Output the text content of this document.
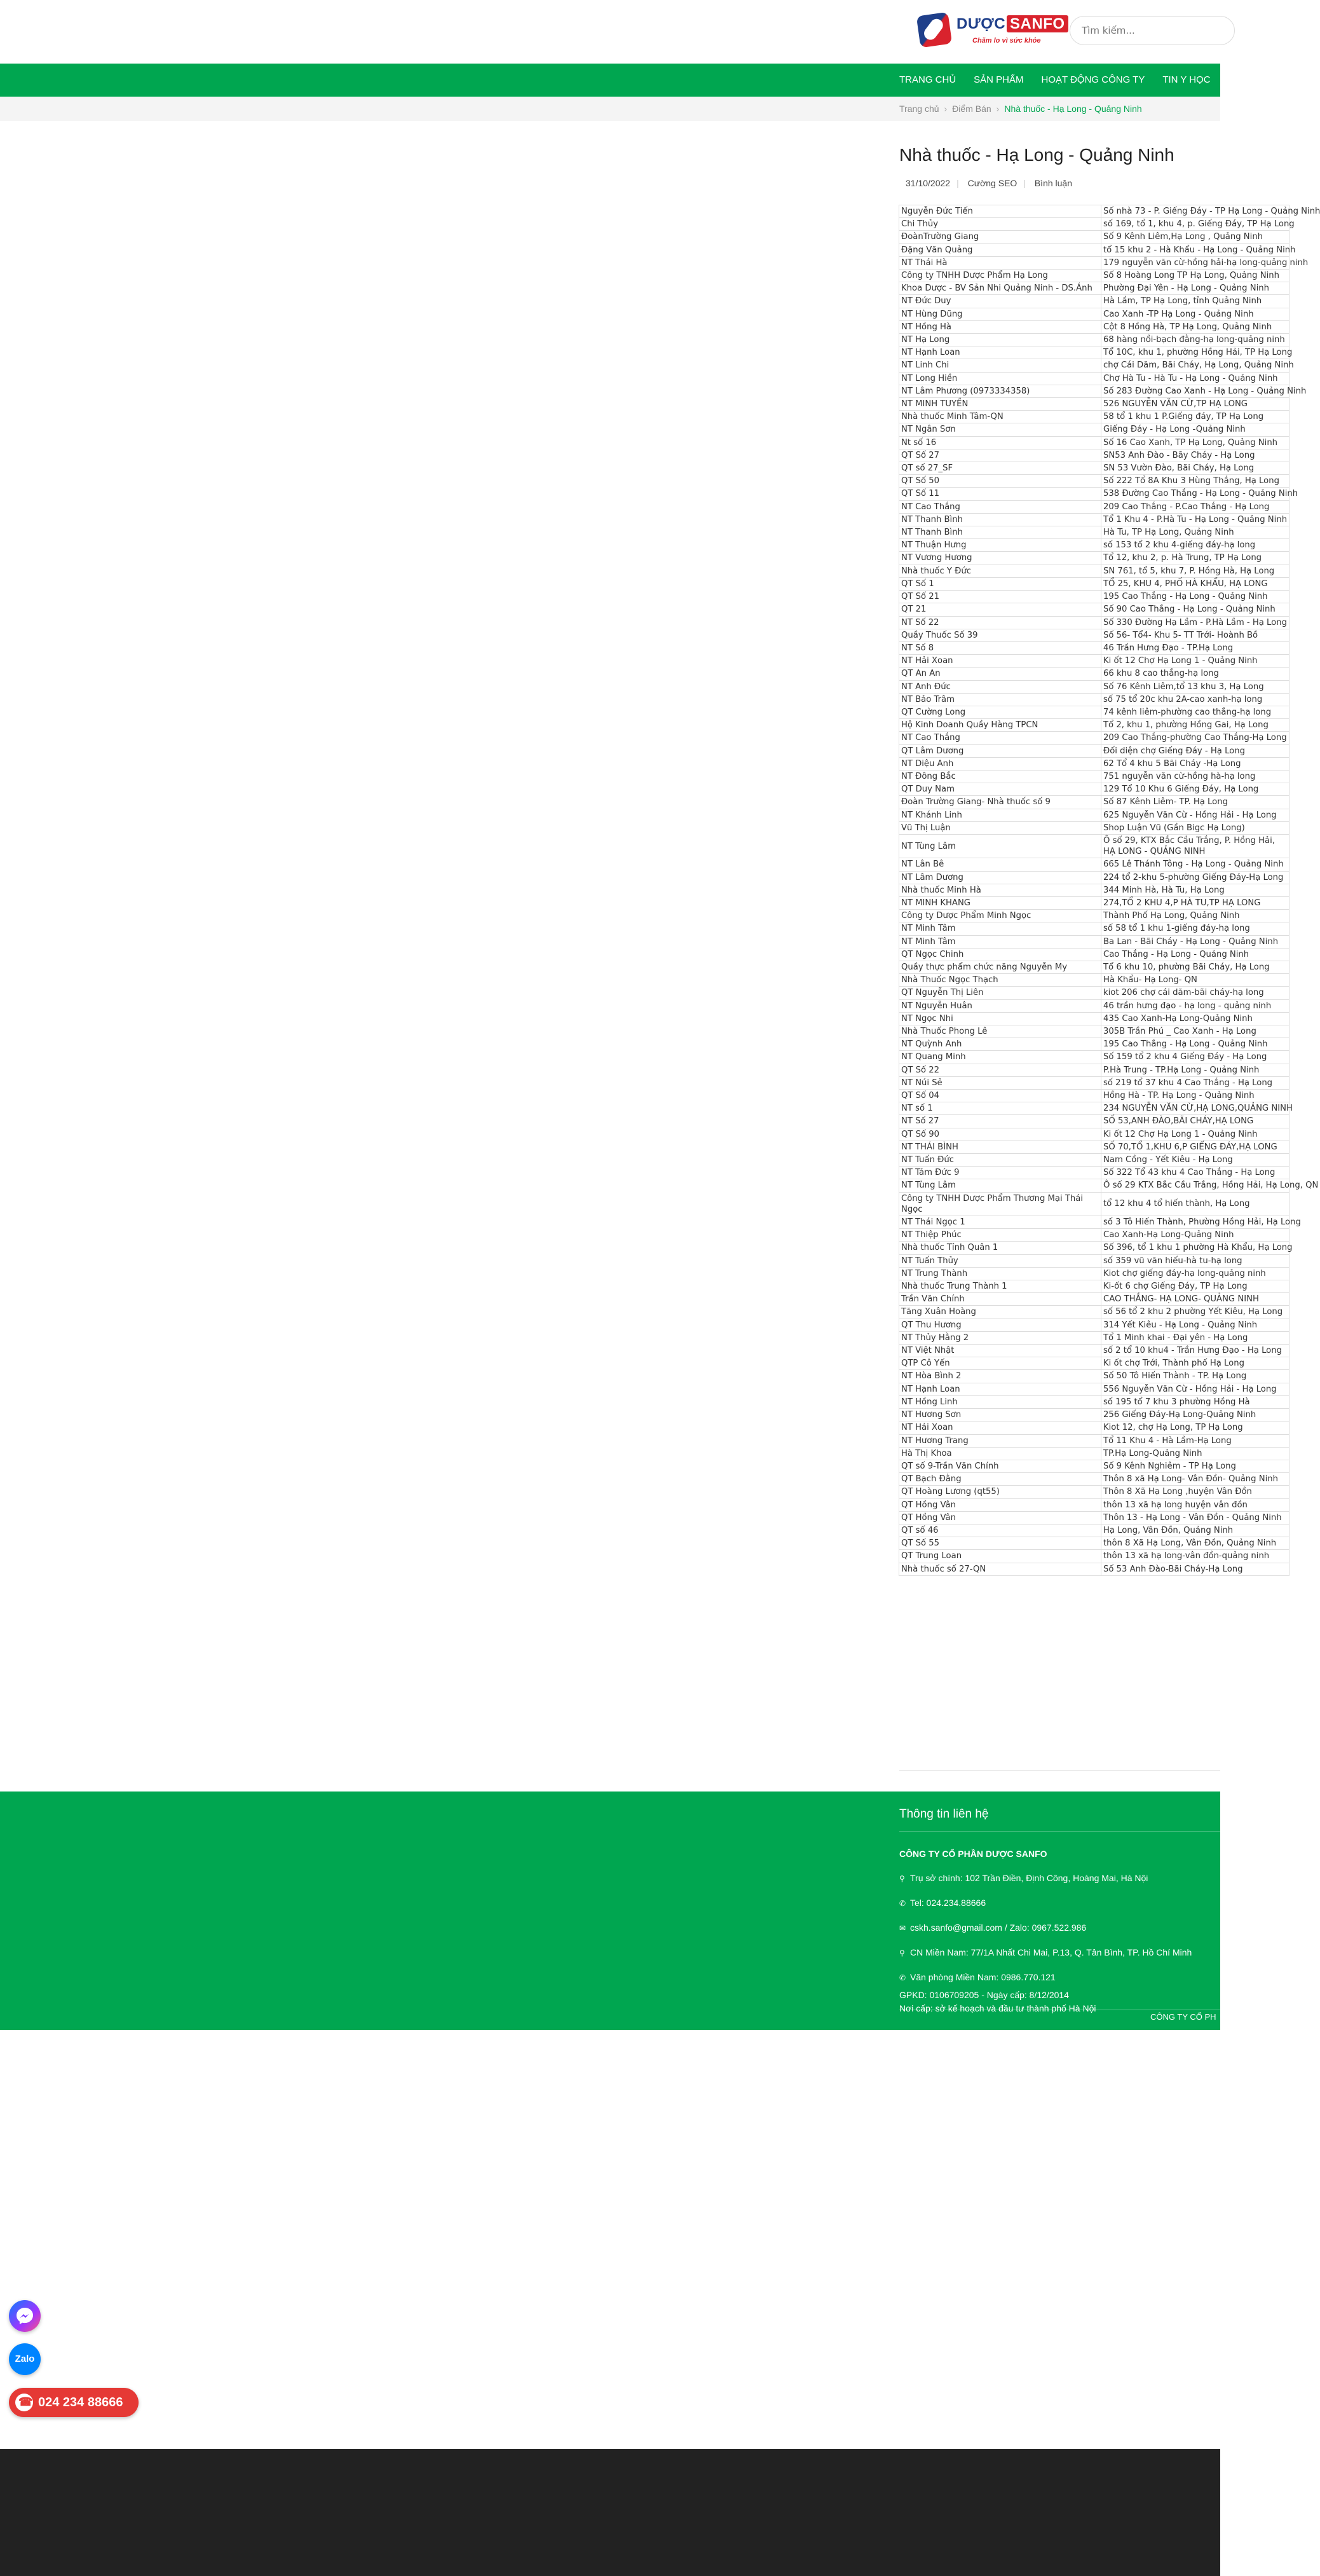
DƯỢC SANFO
Chăm lo vì sức khỏe
Tìm kiếm...
TRANG CHỦ SẢN PHẨM HOẠT ĐỘNG CÔNG TY TIN Y HỌC
Trang chủ › Điểm Bán › Nhà thuốc - Hạ Long - Quảng Ninh
Nhà thuốc - Hạ Long - Quảng Ninh
31/10/2022 | Cường SEO | Bình luận
Nguyễn Đức Tiến	Số nhà 73 - P. Giếng Đáy - TP Hạ Long - Quảng Ninh
Chi Thủy	số 169, tổ 1, khu 4, p. Giếng Đáy, TP Hạ Long
ĐoànTrường Giang	Số 9 Kênh Liêm,Hạ Long , Quảng Ninh
Đặng Văn Quảng	tổ 15 khu 2 - Hà Khẩu - Hạ Long - Quảng Ninh
NT Thái Hà	179 nguyễn văn cừ-hồng hải-hạ long-quảng ninh
Công ty TNHH Dược Phẩm Hạ Long	Số 8 Hoàng Long TP Hạ Long, Quảng Ninh
Khoa Dược - BV Sản Nhi Quảng Ninh - DS.Ánh	Phường Đại Yên - Hạ Long - Quảng Ninh
NT Đức Duy	Hà Lầm, TP Hạ Long, tỉnh Quảng Ninh
NT Hùng Dũng	Cao Xanh -TP Hạ Long - Quảng Ninh
NT Hồng Hà	Cột 8 Hồng Hà, TP Hạ Long, Quảng Ninh
NT Hạ Long	68 hàng nồi-bạch đằng-hạ long-quảng ninh
NT Hạnh Loan	Tổ 10C, khu 1, phường Hồng Hải, TP Hạ Long
NT Linh Chi	chợ Cái Dăm, Bãi Cháy, Hạ Long, Quảng Ninh
NT Long Hiền	Chợ Hà Tu - Hà Tu - Hạ Long - Quảng Ninh
NT Lâm Phương (0973334358)	Số 283 Đường Cao Xanh - Hạ Long - Quảng Ninh
NT MINH TUYỀN	526 NGUYỄN VĂN CỪ,TP HẠ LONG
Nhà thuốc Minh Tâm-QN	58 tổ 1 khu 1 P.Giếng đáy, TP Hạ Long
NT Ngân Sơn	Giếng Đáy - Hạ Long -Quảng Ninh
Nt số 16	Số 16 Cao Xanh, TP Hạ Long, Quảng Ninh
QT Số 27	SN53 Anh Đào - Bãy Cháy - Hạ Long
QT số 27_SF	SN 53 Vườn Đào, Bãi Cháy, Hạ Long
QT Số 50	Số 222 Tổ 8A Khu 3 Hùng Thắng, Hạ Long
QT Số 11	538 Đường Cao Thắng - Hạ Long - Quảng Ninh
NT Cao Thắng	209 Cao Thắng - P.Cao Thắng - Hạ Long
NT Thanh Bình	Tổ 1 Khu 4 - P.Hà Tu - Hạ Long - Quảng Ninh
NT Thanh Bình	Hà Tu, TP Hạ Long, Quảng Ninh
NT Thuận Hưng	số 153 tổ 2 khu 4-giếng đáy-hạ long
NT Vương Hương	Tổ 12, khu 2, p. Hà Trung, TP Hạ Long
Nhà thuốc Y Đức	SN 761, tổ 5, khu 7, P. Hồng Hà, Hạ Long
QT Số 1	TỔ 25, KHU 4, PHỐ HÀ KHẨU, HẠ LONG
QT Số 21	195 Cao Thắng - Hạ Long - Quảng Ninh
QT 21	Số 90 Cao Thắng - Hạ Long - Quảng Ninh
NT Số 22	Số 330 Đường Hạ Lầm - P.Hà Lầm - Hạ Long
Quầy Thuốc Số 39	Số 56- Tổ4- Khu 5- TT Trới- Hoành Bồ
NT Số 8	46 Trần Hưng Đạo - TP.Hạ Long
NT Hải Xoan	Ki ốt 12 Chợ Hạ Long 1 - Quảng Ninh
QT An An	66 khu 8 cao thắng-hạ long
NT Anh Đức	Số 76 Kênh Liêm,tổ 13 khu 3, Hạ Long
NT Bảo Trâm	số 75 tổ 20c khu 2A-cao xanh-hạ long
QT Cường Long	74 kênh liêm-phường cao thắng-hạ long
Hộ Kinh Doanh Quầy Hàng TPCN	Tổ 2, khu 1, phường Hồng Gai, Hạ Long
NT Cao Thắng	209 Cao Thắng-phường Cao Thắng-Hạ Long
QT Lâm Dương	Đối diện chợ Giếng Đáy - Hạ Long
NT Diệu Anh	62 Tổ 4 khu 5 Bãi Cháy -Hạ Long
NT Đông Bắc	751 nguyễn văn cừ-hồng hà-hạ long
QT Duy Nam	129 Tổ 10 Khu 6 Giếng Đáy, Hạ Long
Đoàn Trường Giang- Nhà thuốc số 9	Số 87 Kênh Liêm- TP. Hạ Long
NT Khánh Linh	625 Nguyễn Văn Cừ - Hồng Hải - Hạ Long
Vũ Thị Luận	Shop Luận Vũ (Gần Bigc Hạ Long)
NT Tùng Lâm	Ô số 29, KTX Bắc Cầu Trắng, P. Hồng Hải, HẠ LONG - QUẢNG NINH
NT Lân Bê	665 Lê Thánh Tông - Hạ Long - Quảng Ninh
NT Lâm Dương	224 tổ 2-khu 5-phường Giếng Đáy-Hạ Long
Nhà thuốc Minh Hà	344 Minh Hà, Hà Tu, Hạ Long
NT MINH KHANG	274,TỔ 2 KHU 4,P HÀ TU,TP HẠ LONG
Công ty Dược Phẩm Minh Ngọc	Thành Phố Hạ Long, Quảng Ninh
NT Minh Tâm	số 58 tổ 1 khu 1-giếng đáy-hạ long
NT Minh Tâm	Ba Lan - Bãi Cháy - Hạ Long - Quảng Ninh
QT Ngọc Chinh	Cao Thắng - Hạ Long - Quảng Ninh
Quầy thực phẩm chức năng Nguyễn My	Tổ 6 khu 10, phường Bãi Cháy, Hạ Long
Nhà Thuốc Ngọc Thạch	Hà Khẩu- Hạ Long- QN
QT Nguyễn Thị Liên	kiot 206 chợ cái dăm-bãi cháy-hạ long
NT Nguyễn Huân	46 trần hưng đạo - hạ long - quảng ninh
NT Ngọc Nhi	435 Cao Xanh-Hạ Long-Quảng Ninh
Nhà Thuốc Phong Lê	305B Trần Phú _ Cao Xanh - Hạ Long
NT Quỳnh Anh	195 Cao Thắng - Hạ Long - Quảng Ninh
NT Quang Minh	Số 159 tổ 2 khu 4 Giếng Đáy - Hạ Long
QT Số 22	P.Hà Trung - TP.Hạ Long - Quảng Ninh
NT Núi Sẻ	số 219 tổ 37 khu 4 Cao Thắng - Hạ Long
QT Số 04	Hồng Hà - TP. Hạ Long - Quảng Ninh
NT số 1	234 NGUYỄN VĂN CỪ,HẠ LONG,QUẢNG NINH
NT Số 27	SỐ 53,ANH ĐÀO,BÃI CHÁY,HẠ LONG
QT Số 90	Ki ốt 12 Chợ Hạ Long 1 - Quảng Ninh
NT THÁI BÌNH	SỐ 70,TỔ 1,KHU 6,P GIẾNG ĐÁY,HẠ LONG
NT Tuấn Đức	Nam Cồng - Yết Kiêu - Hạ Long
NT Tám Đức 9	Số 322 Tổ 43 khu 4 Cao Thắng - Hạ Long
NT Tùng Lâm	Ô số 29 KTX Bắc Cầu Trắng, Hồng Hải, Hạ Long, QN
Công ty TNHH Dược Phẩm Thương Mại Thái Ngọc	tổ 12 khu 4 tổ hiến thành, Hạ Long
NT Thái Ngọc 1	số 3 Tô Hiến Thành, Phường Hồng Hải, Hạ Long
NT Thiệp Phúc	Cao Xanh-Hạ Long-Quảng Ninh
Nhà thuốc Tỉnh Quân 1	Số 396, tổ 1 khu 1 phường Hà Khẩu, Hạ Long
NT Tuấn Thủy	số 359 vũ văn hiếu-hà tu-hạ long
NT Trung Thành	Kiot chợ giếng đáy-hạ long-quảng ninh
Nhà thuốc Trung Thành 1	Ki-ốt 6 chợ Giếng Đáy, TP Hạ Long
Trần Văn Chính	CAO THẮNG- HẠ LONG- QUẢNG NINH
Tăng Xuân Hoàng	số 56 tổ 2 khu 2 phường Yết Kiêu, Hạ Long
QT Thu Hương	314 Yết Kiêu - Hạ Long - Quảng Ninh
NT Thủy Hằng 2	Tổ 1 Minh khai - Đại yên - Hạ Long
NT Việt Nhật	số 2 tổ 10 khu4 - Trần Hưng Đạo - Hạ Long
QTP Cô Yến	Ki ốt chợ Trới, Thành phố Hạ Long
NT Hòa Bình 2	Số 50 Tô Hiến Thành - TP. Hạ Long
NT Hạnh Loan	556 Nguyễn Văn Cừ - Hồng Hải - Hạ Long
NT Hồng Linh	số 195 tổ 7 khu 3 phường Hồng Hà
NT Hương Sơn	256 Giếng Đáy-Hạ Long-Quảng Ninh
NT Hải Xoan	Kiot 12, chợ Hạ Long, TP Hạ Long
NT Hương Trang	Tổ 11 Khu 4 - Hà Lầm-Hạ Long
Hà Thị Khoa	TP.Hạ Long-Quảng Ninh
QT số 9-Trần Văn Chính	Số 9 Kênh Nghiêm - TP Hạ Long
QT Bạch Đằng	Thôn 8 xã Hạ Long- Vân Đồn- Quảng Ninh
QT Hoàng Lương (qt55)	Thôn 8 Xã Hạ Long ,huyện Vân Đồn
QT Hồng Vân	thôn 13 xã hạ long huyện vân đồn
QT Hồng Vân	Thôn 13 - Hạ Long - Vân Đồn - Quảng Ninh
QT số 46	Hạ Long, Vân Đồn, Quảng Ninh
QT Số 55	thôn 8 Xã Hạ Long, Vân Đồn, Quảng Ninh
QT Trung Loan	thôn 13 xã hạ long-vân đồn-quảng ninh
Nhà thuốc số 27-QN	Số 53 Anh Đào-Bãi Cháy-Hạ Long
Thông tin liên hệ
CÔNG TY CỔ PHẦN DƯỢC SANFO
⚲ Trụ sở chính: 102 Trần Điền, Định Công, Hoàng Mai, Hà Nội
✆ Tel: 024.234.88666
✉ cskh.sanfo@gmail.com / Zalo: 0967.522.986
⚲ CN Miền Nam: 77/1A Nhất Chi Mai, P.13, Q. Tân Bình, TP. Hồ Chí Minh
✆ Văn phòng Miền Nam: 0986.770.121
GPKD: 0106709205 - Ngày cấp: 8/12/2014
Nơi cấp: sở kế hoạch và đầu tư thành phố Hà Nội
CÔNG TY CỔ PH
Zalo
☎
024 234 88666
